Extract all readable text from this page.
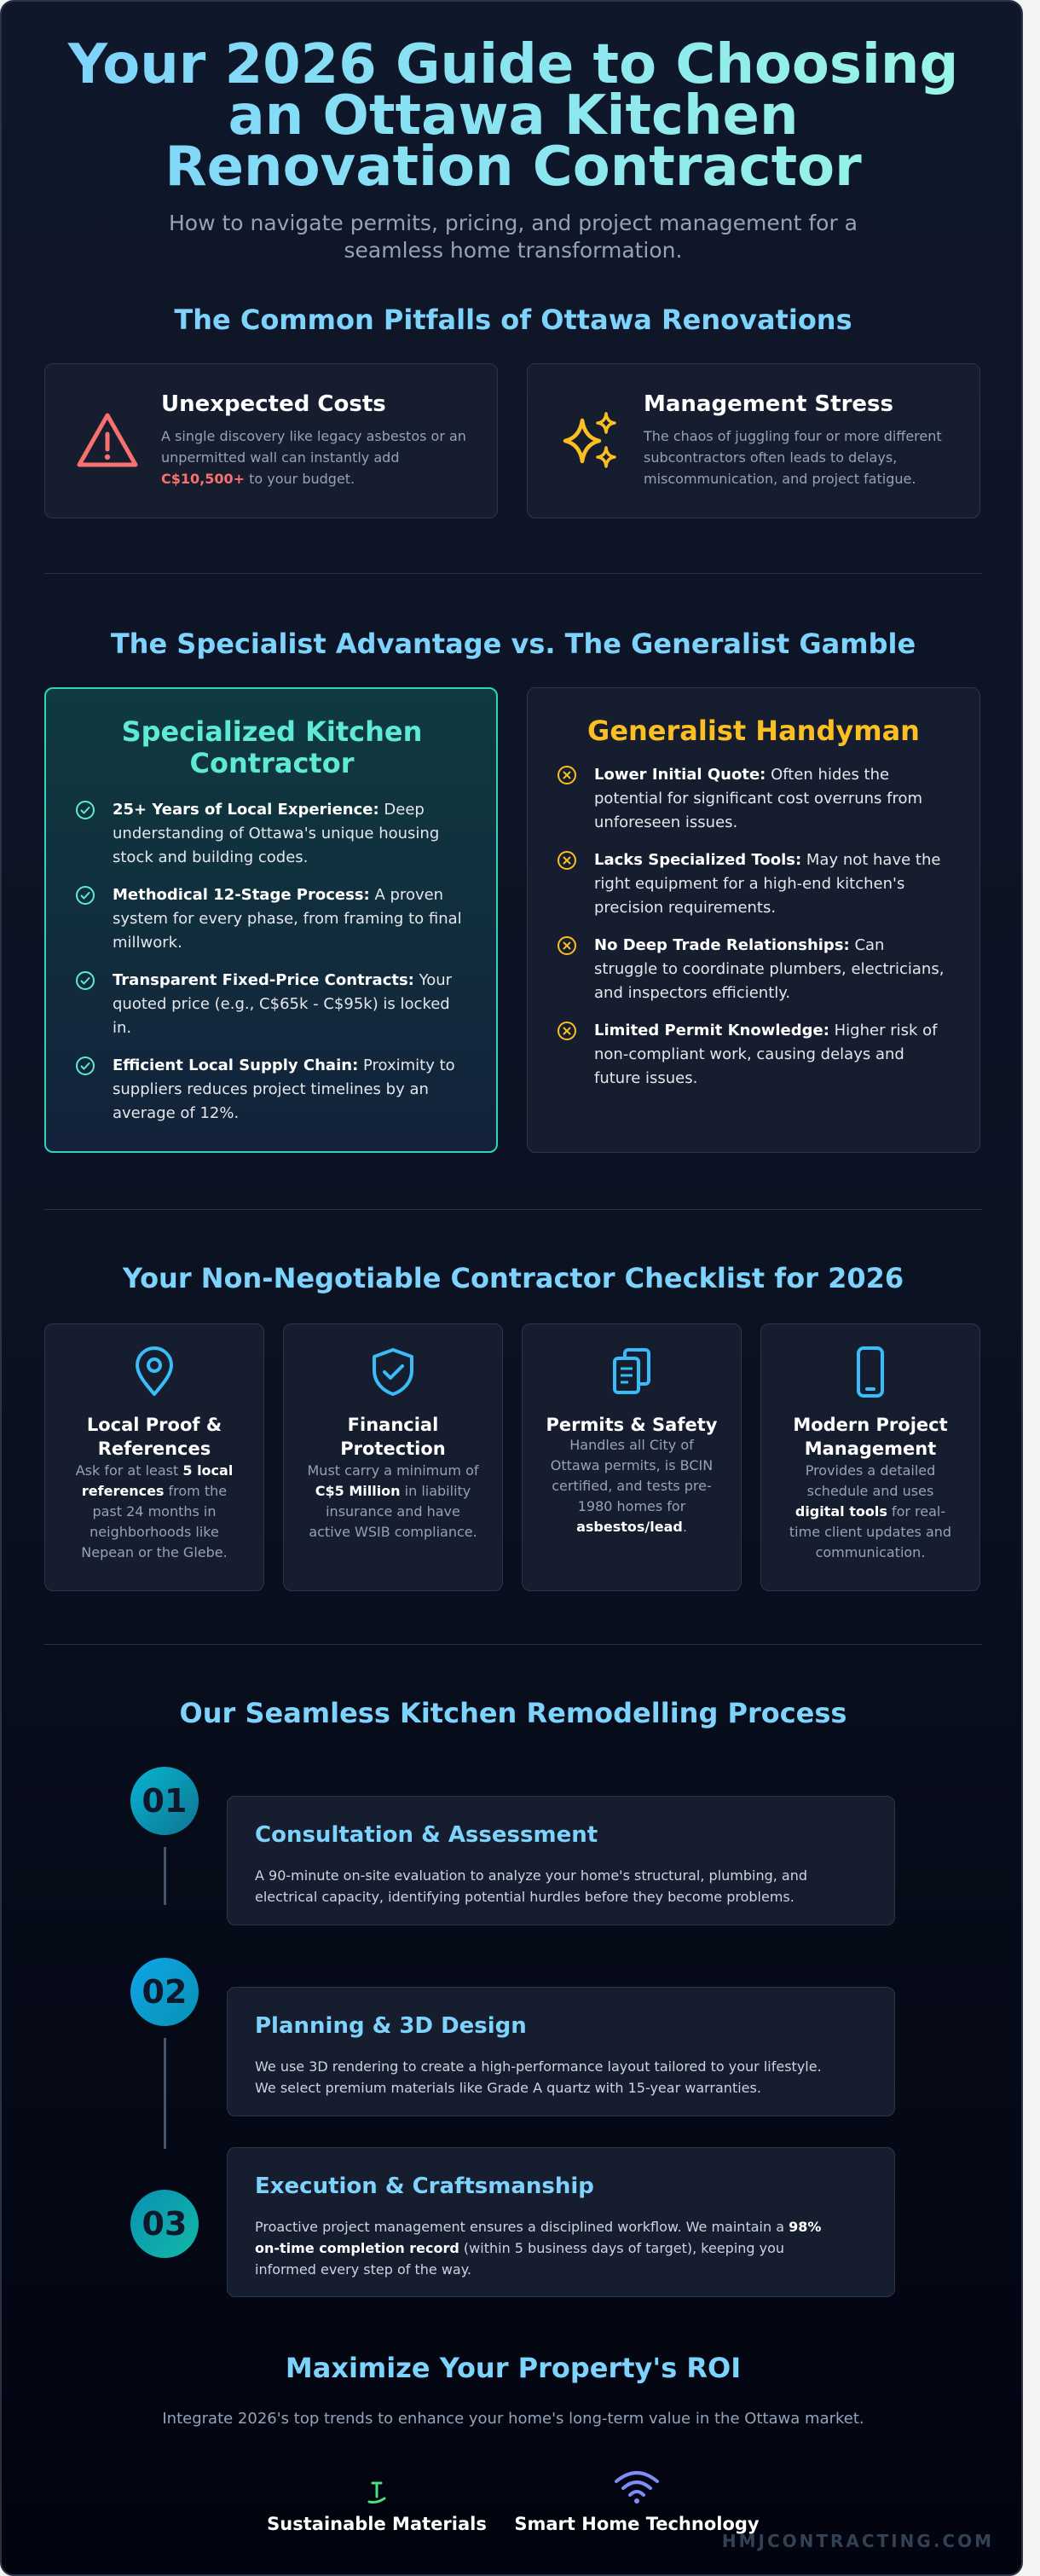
Your 2026 Guide to Choosing an Ottawa Kitchen Renovation Contractor

How to navigate permits, pricing, and project management for a seamless home transformation.

The Common Pitfalls of Ottawa Renovations
Unexpected Costs
A single discovery like legacy asbestos or an unpermitted wall can instantly add C$10,500+ to your budget.
Management Stress
The chaos of juggling four or more different subcontractors often leads to delays, miscommunication, and project fatigue.
The Specialist Advantage vs. The Generalist Gamble
Specialized Kitchen Contractor
25+ Years of Local Experience: Deep understanding of Ottawa's unique housing stock and building codes.
Methodical 12-Stage Process: A proven system for every phase, from framing to final millwork.
Transparent Fixed-Price Contracts: Your quoted price (e.g., C$65k - C$95k) is locked in.
Efficient Local Supply Chain: Proximity to suppliers reduces project timelines by an average of 12%.
Generalist Handyman
Lower Initial Quote: Often hides the potential for significant cost overruns from unforeseen issues.
Lacks Specialized Tools: May not have the right equipment for a high-end kitchen's precision requirements.
No Deep Trade Relationships: Can struggle to coordinate plumbers, electricians, and inspectors efficiently.
Limited Permit Knowledge: Higher risk of non-compliant work, causing delays and future issues.
Your Non-Negotiable Contractor Checklist for 2026
Local Proof & References
Ask for at least 5 local references from the past 24 months in neighborhoods like Nepean or the Glebe.
Financial Protection
Must carry a minimum of C$5 Million in liability insurance and have active WSIB compliance.
Permits & Safety
Handles all City of Ottawa permits, is BCIN certified, and tests pre-1980 homes for asbestos/lead.
Modern Project Management
Provides a detailed schedule and uses digital tools for real-time client updates and communication.
Our Seamless Kitchen Remodelling Process
01
02
03
Consultation & Assessment
A 90-minute on-site evaluation to analyze your home's structural, plumbing, and electrical capacity, identifying potential hurdles before they become problems.
Planning & 3D Design
We use 3D rendering to create a high-performance layout tailored to your lifestyle. We select premium materials like Grade A quartz with 15-year warranties.
Execution & Craftsmanship
Proactive project management ensures a disciplined workflow. We maintain a 98% on-time completion record (within 5 business days of target), keeping you informed every step of the way.
Maximize Your Property's ROI

Integrate 2026's top trends to enhance your home's long-term value in the Ottawa market.

Sustainable Materials	Smart Home Technology
HMJCONTRACTING.COM
